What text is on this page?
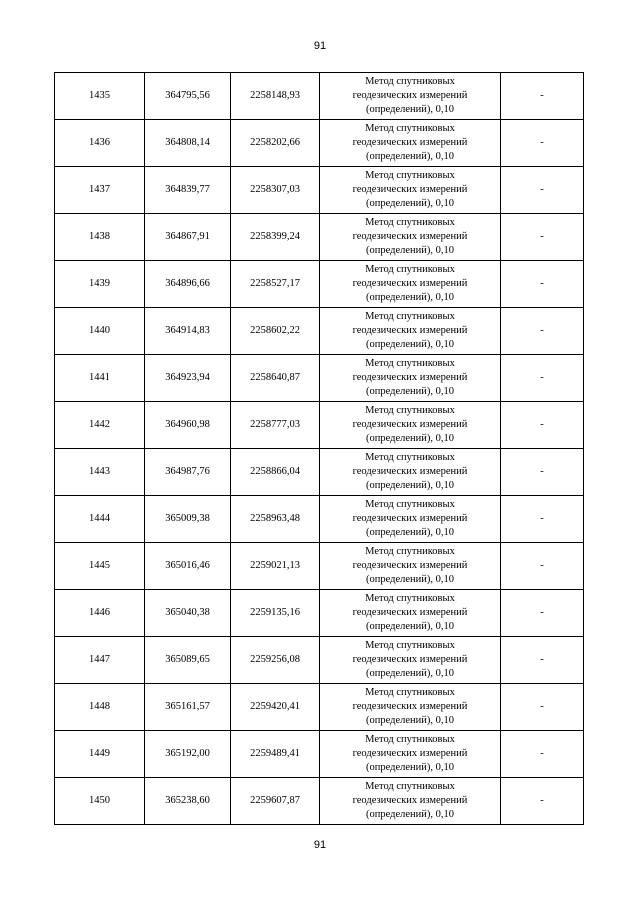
91
1435	364795,56	2258148,93	Метод спутниковых
геодезических измерений
(определений), 0,10	-
1436	364808,14	2258202,66	Метод спутниковых
геодезических измерений
(определений), 0,10	-
1437	364839,77	2258307,03	Метод спутниковых
геодезических измерений
(определений), 0,10	-
1438	364867,91	2258399,24	Метод спутниковых
геодезических измерений
(определений), 0,10	-
1439	364896,66	2258527,17	Метод спутниковых
геодезических измерений
(определений), 0,10	-
1440	364914,83	2258602,22	Метод спутниковых
геодезических измерений
(определений), 0,10	-
1441	364923,94	2258640,87	Метод спутниковых
геодезических измерений
(определений), 0,10	-
1442	364960,98	2258777,03	Метод спутниковых
геодезических измерений
(определений), 0,10	-
1443	364987,76	2258866,04	Метод спутниковых
геодезических измерений
(определений), 0,10	-
1444	365009,38	2258963,48	Метод спутниковых
геодезических измерений
(определений), 0,10	-
1445	365016,46	2259021,13	Метод спутниковых
геодезических измерений
(определений), 0,10	-
1446	365040,38	2259135,16	Метод спутниковых
геодезических измерений
(определений), 0,10	-
1447	365089,65	2259256,08	Метод спутниковых
геодезических измерений
(определений), 0,10	-
1448	365161,57	2259420,41	Метод спутниковых
геодезических измерений
(определений), 0,10	-
1449	365192,00	2259489,41	Метод спутниковых
геодезических измерений
(определений), 0,10	-
1450	365238,60	2259607,87	Метод спутниковых
геодезических измерений
(определений), 0,10	-
91
